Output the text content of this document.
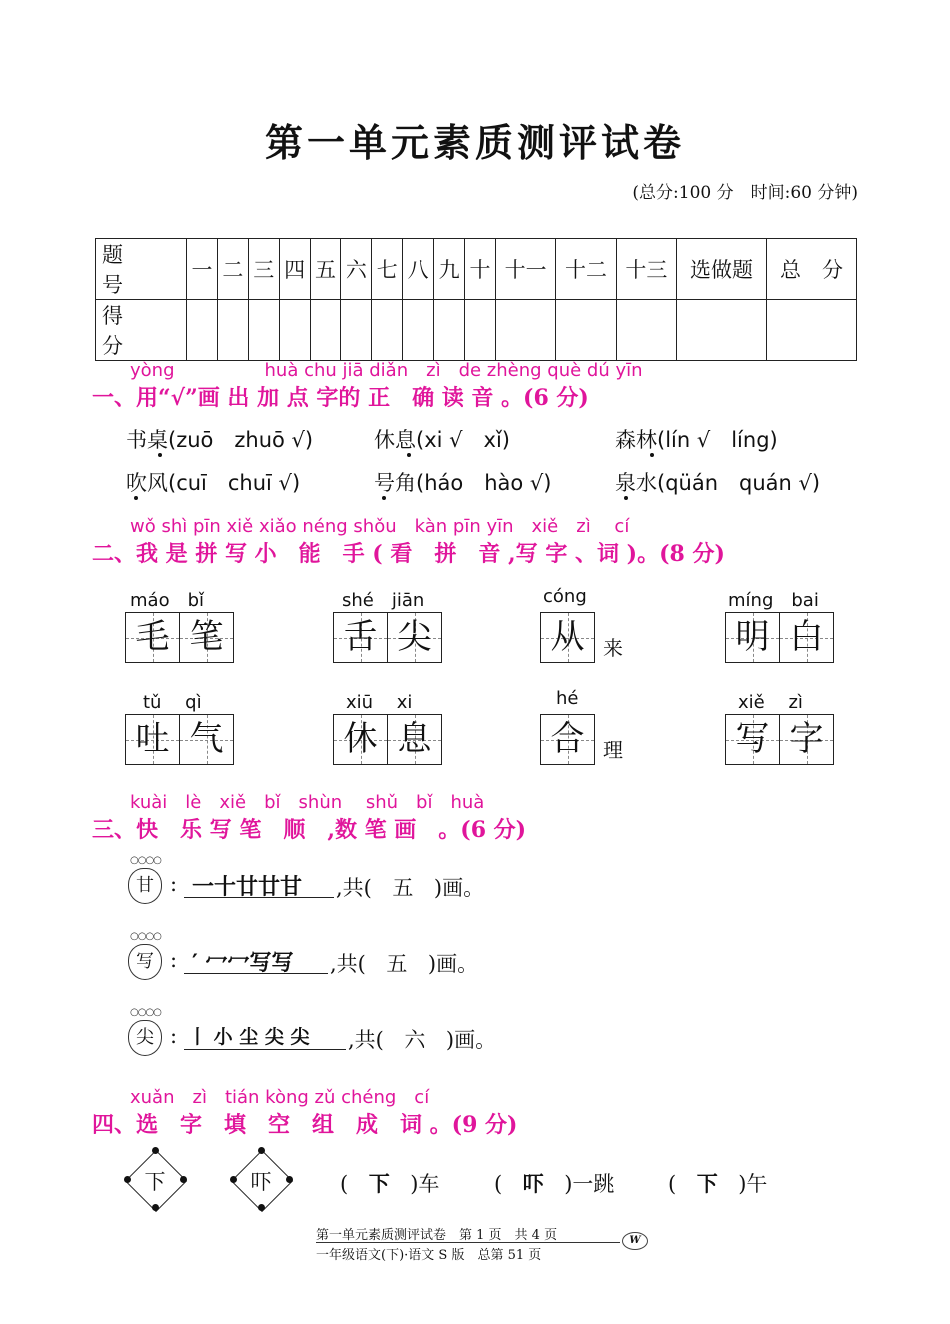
第一单元素质测评试卷
(总分:100 分　时间:60 分钟)
题　号	一	二	三	四	五	六	七	八	九	十	十一	十二	十三	选做题	总　分
得　分															
yòng　　　　　huà chu jiā diǎn　zì　de zhèng què dú yīn
一、用“√”画 出 加 点 字的 正　确 读 音 。(6 分)
书桌(zuō　zhuō √)	休息(xi √　xǐ)	森林(lín √　líng)
吹风(cuī　chuī √)	号角(háo　hào √)	泉水(qüán　quán √)
wǒ shì pīn xiě xiǎo néng shǒu　kàn pīn yīn　xiě　zì　 cí
二、我 是 拼 写 小　能　手 ( 看　拼　音 ,写 字 、词 )。(8 分)
máo　bǐ
毛 笔
shé　jiān
舌 尖
cóng
从 来
míng　bai
明 白
tǔ　 qì
吐 气
xiū　 xi
休 息
hé
合 理
xiě　 zì
写 字
kuài　lè　xiě　bǐ　shùn　 shǔ　bǐ　huà
三、快　乐 写 笔　顺　,数 笔 画　。(6 分)
○○○○
甘 : 一十廿廿甘 ,共( 五 )画。
○○○○
写 : ′ ⼍⼍写写 ,共( 五 )画。
○○○○
尖 : 丨 小 尘 尖 尖 ,共( 六 )画。
xuǎn　zì　tián kòng zǔ chéng　cí
四、选　字　填　空　组　成　词 。(9 分)
下	吓	( 下 )车	( 吓 )一跳	( 下 )午
第一单元素质测评试卷　第 1 页　共 4 页
一年级语文(下)·语文 S 版　总第 51 页
W
